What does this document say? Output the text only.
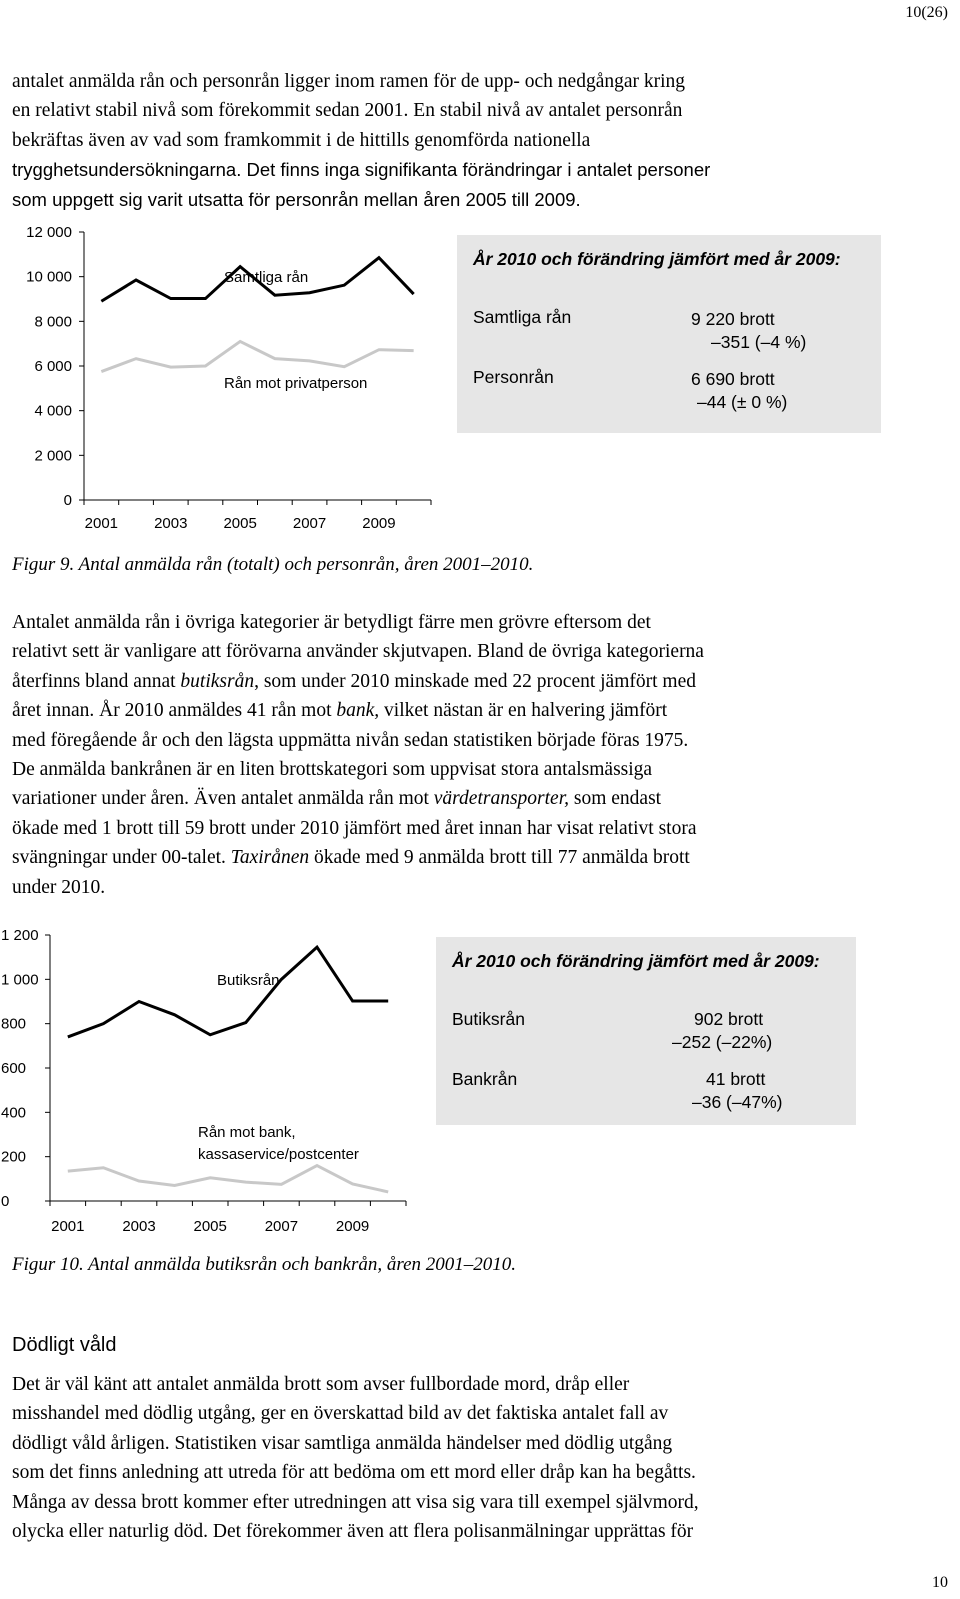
10(26)
antalet anmälda rån och personrån ligger inom ramen för de upp- och nedgångar kring
en relativt stabil nivå som förekommit sedan 2001. En stabil nivå av antalet personrån
bekräftas även av vad som framkommit i de hittills genomförda nationella
trygghetsundersökningarna. Det finns inga signifikanta förändringar i antalet personer
som uppgett sig varit utsatta för personrån mellan åren 2005 till 2009.
0
2 000
4 000
6 000
8 000
10 000
12 000
2001 2003 2005 2007 2009
Samtliga rån
Rån mot privatperson
År 2010 och förändring jämfört med år 2009:
Samtliga rån	9 220 brott
–351 (–4 %)
Personrån	6 690 brott
–44 (± 0 %)
Figur 9. Antal anmälda rån (totalt) och personrån, åren 2001–2010.
Antalet anmälda rån i övriga kategorier är betydligt färre men grövre eftersom det
relativt sett är vanligare att förövarna använder skjutvapen. Bland de övriga kategorierna
återfinns bland annat butiksrån, som under 2010 minskade med 22 procent jämfört med
året innan. År 2010 anmäldes 41 rån mot bank, vilket nästan är en halvering jämfört
med föregående år och den lägsta uppmätta nivån sedan statistiken började föras 1975.
De anmälda bankrånen är en liten brottskategori som uppvisat stora antalsmässiga
variationer under åren. Även antalet anmälda rån mot värdetransporter, som endast
ökade med 1 brott till 59 brott under 2010 jämfört med året innan har visat relativt stora
svängningar under 00-talet. Taxirånen ökade med 9 anmälda brott till 77 anmälda brott
under 2010.
0
200
400
600
800
1 000
1 200
2001	2003	2005	2007	2009
Butiksrån
Rån mot bank,
kassaservice/postcenter
År 2010 och förändring jämfört med år 2009:
Butiksrån	902 brott
–252 (–22%)
Bankrån	41 brott
–36 (–47%)
Figur 10. Antal anmälda butiksrån och bankrån, åren 2001–2010.
Dödligt våld
Det är väl känt att antalet anmälda brott som avser fullbordade mord, dråp eller
misshandel med dödlig utgång, ger en överskattad bild av det faktiska antalet fall av
dödligt våld årligen. Statistiken visar samtliga anmälda händelser med dödlig utgång
som det finns anledning att utreda för att bedöma om ett mord eller dråp kan ha begåtts.
Många av dessa brott kommer efter utredningen att visa sig vara till exempel självmord,
olycka eller naturlig död. Det förekommer även att flera polisanmälningar upprättas för
10
